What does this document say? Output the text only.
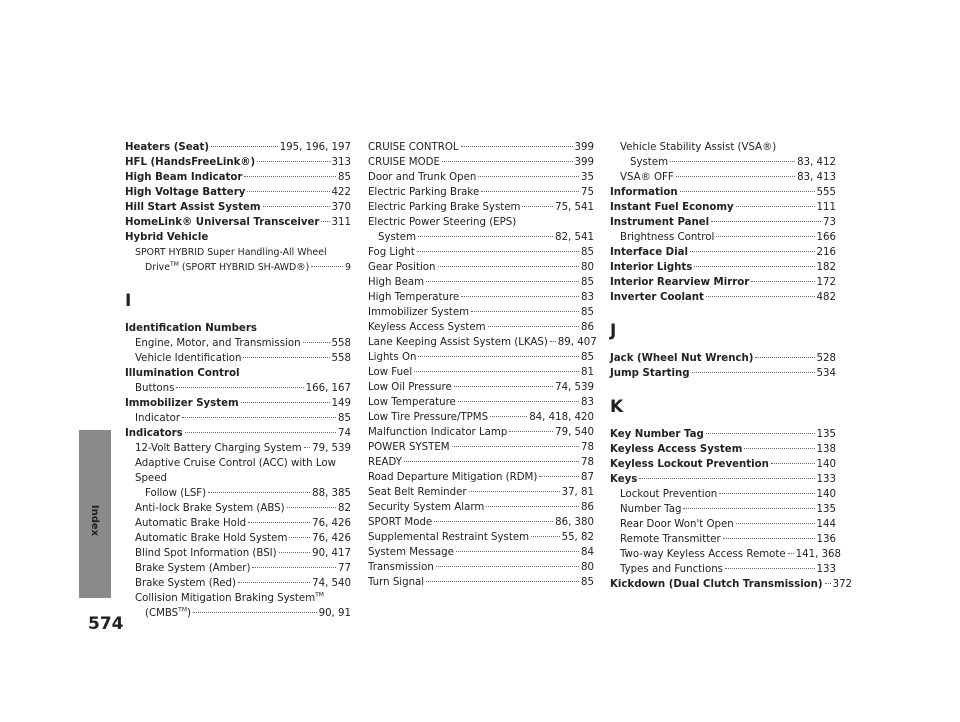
Index
574
Heaters (Seat)	195, 196, 197
HFL (HandsFreeLink®)	313
High Beam Indicator	85
High Voltage Battery	422
Hill Start Assist System	370
HomeLink® Universal Transceiver 311
Hybrid Vehicle
SPORT HYBRID Super Handling-All Wheel
Drive™ (SPORT HYBRID SH-AWD®)	9
I
Identification Numbers
Engine, Motor, and Transmission	558
Vehicle Identification	558
Illumination Control
Buttons	166, 167
Immobilizer System	149
Indicator	85
Indicators	74
12-Volt Battery Charging System 79, 539
Adaptive Cruise Control (ACC) with Low Speed
Follow (LSF)	88, 385
Anti-lock Brake System (ABS)	82
Automatic Brake Hold	76, 426
Automatic Brake Hold System 76, 426
Blind Spot Information (BSI)	90, 417
Brake System (Amber)	77
Brake System (Red)	74, 540
Collision Mitigation Braking System™
(CMBS™)	90, 91
CRUISE CONTROL	399
CRUISE MODE	399
Door and Trunk Open	35
Electric Parking Brake	75
Electric Parking Brake System	75, 541
Electric Power Steering (EPS)
System	82, 541
Fog Light	85
Gear Position	80
High Beam	85
High Temperature	83
Immobilizer System	85
Keyless Access System	86
Lane Keeping Assist System (LKAS) 89, 407
Lights On	85
Low Fuel	81
Low Oil Pressure	74, 539
Low Temperature	83
Low Tire Pressure/TPMS	84, 418, 420
Malfunction Indicator Lamp	79, 540
POWER SYSTEM	78
READY	78
Road Departure Mitigation (RDM)	87
Seat Belt Reminder	37, 81
Security System Alarm	86
SPORT Mode	86, 380
Supplemental Restraint System	55, 82
System Message	84
Transmission	80
Turn Signal	85
Vehicle Stability Assist (VSA®)
System	83, 412
VSA® OFF	83, 413
Information	555
Instant Fuel Economy	111
Instrument Panel	73
Brightness Control	166
Interface Dial	216
Interior Lights	182
Interior Rearview Mirror	172
Inverter Coolant	482
J
Jack (Wheel Nut Wrench)	528
Jump Starting	534
K
Key Number Tag	135
Keyless Access System	138
Keyless Lockout Prevention	140
Keys	133
Lockout Prevention	140
Number Tag	135
Rear Door Won't Open	144
Remote Transmitter	136
Two-way Keyless Access Remote 141, 368
Types and Functions	133
Kickdown (Dual Clutch Transmission) 372
